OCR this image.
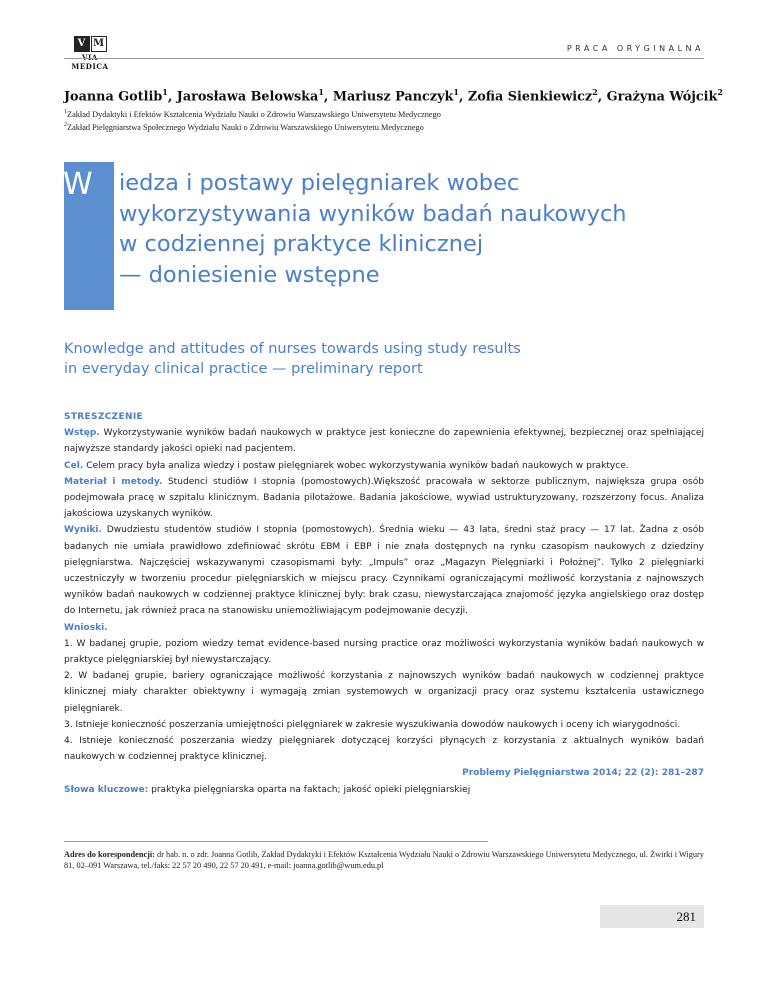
V M
VIA MEDICA
PRACA ORYGINALNA
Joanna Gotlib$^1$, Jarosława Belowska$^1$, Mariusz Panczyk$^1$, Zofia Sienkiewicz$^2$, Grażyna Wójcik$^2$
$^1$Zakład Dydaktyki i Efektów Kształcenia Wydziału Nauki o Zdrowiu Warszawskiego Uniwersytetu Medycznego
$^2$Zakład Pielęgniarstwa Społecznego Wydziału Nauki o Zdrowiu Warszawskiego Uniwersytetu Medycznego
W iedza i postawy pielęgniarek wobec
wykorzystywania wyników badań naukowych
w codziennej praktyce klinicznej
— doniesienie wstępne
Knowledge and attitudes of nurses towards using study results
in everyday clinical practice — preliminary report

STRESZCZENIE

Wstęp. Wykorzystywanie wyników badań naukowych w praktyce jest konieczne do zapewnienia efektywnej, bezpiecznej oraz spełniającej najwyższe standardy jakości opieki nad pacjentem.

Cel. Celem pracy była analiza wiedzy i postaw pielęgniarek wobec wykorzystywania wyników badań naukowych w praktyce.

Materiał i metody. Studenci studiów I stopnia (pomostowych).Większość pracowała w sektorze publicznym, największa grupa osób podejmowała pracę w szpitalu klinicznym. Badania pilotażowe. Badania jakościowe, wywiad ustrukturyzowany, rozszerzony focus. Analiza jakościowa uzyskanych wyników.

Wyniki. Dwudziestu studentów studiów I stopnia (pomostowych). Średnia wieku — 43 lata, średni staż pracy — 17 lat. Żadna z osób badanych nie umiała prawidłowo zdefiniować skrótu EBM i EBP i nie znała dostępnych na rynku czasopism naukowych z dziedziny pielęgniarstwa. Najczęściej wskazywanymi czasopismami były: „Impuls” oraz „Magazyn Pielęgniarki i Położnej”. Tylko 2 pielęgniarki uczestniczyły w tworzeniu procedur pielęgniarskich w miejscu pracy. Czynnikami ograniczającymi możliwość korzystania z najnowszych wyników badań naukowych w codziennej praktyce klinicznej były: brak czasu, niewystarczająca znajomość języka angielskiego oraz dostęp do Internetu, jak również praca na stanowisku uniemożliwiającym podejmowanie decyzji.

Wnioski.

1. W badanej grupie, poziom wiedzy temat evidence-based nursing practice oraz możliwości wykorzystania wyników badań naukowych w praktyce pielęgniarskiej był niewystarczający.

2. W badanej grupie, bariery ograniczające możliwość korzystania z najnowszych wyników badań naukowych w codziennej praktyce klinicznej miały charakter obiektywny i wymagają zmian systemowych w organizacji pracy oraz systemu kształcenia ustawicznego pielęgniarek.

3. Istnieje konieczność poszerzania umiejętności pielęgniarek w zakresie wyszukiwania dowodów naukowych i oceny ich wiarygodności.

4. Istnieje konieczność poszerzania wiedzy pielęgniarek dotyczącej korzyści płynących z korzystania z aktualnych wyników badań naukowych w codziennej praktyce klinicznej.

Problemy Pielęgniarstwa 2014; 22 (2): 281–287

Słowa kluczowe: praktyka pielęgniarska oparta na faktach; jakość opieki pielęgniarskiej

Adres do korespondencji: dr hab. n. o zdr. Joanna Gotlib, Zakład Dydaktyki i Efektów Kształcenia Wydziału Nauki o Zdrowiu Warszawskiego Uniwersytetu Medycznego, ul. Żwirki i Wigury 81, 02–091 Warszawa, tel./faks: 22 57 20 490, 22 57 20 491, e-mail: joanna.gotlib@wum.edu.pl
281
